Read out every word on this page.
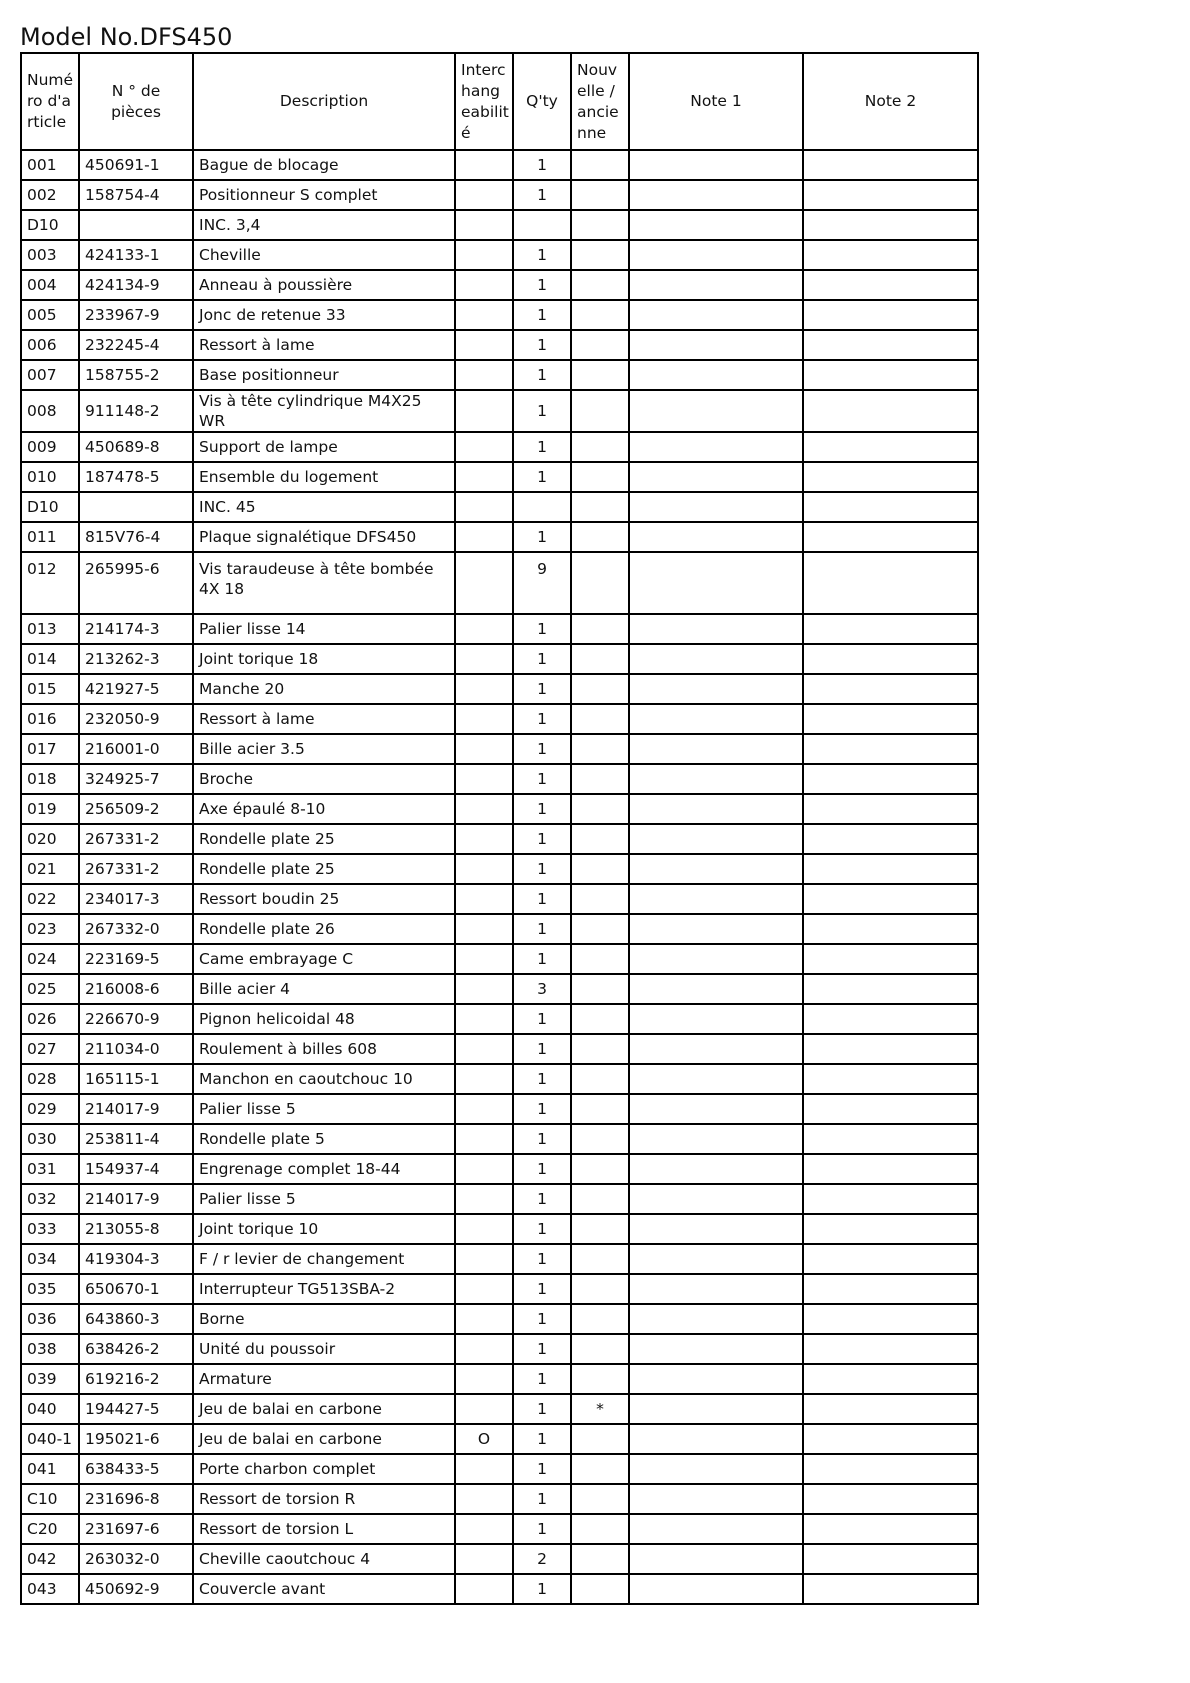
Model No.DFS450
Numé ro d'a rticle	N ° de pièces	Description	Interc hang eabilit é	Q'ty	Nouv elle / ancie nne	Note 1	Note 2
001	450691-1	Bague de blocage		1			
002	158754-4	Positionneur S complet		1			
D10		INC. 3,4					
003	424133-1	Cheville		1			
004	424134-9	Anneau à poussière		1			
005	233967-9	Jonc de retenue 33		1			
006	232245-4	Ressort à lame		1			
007	158755-2	Base positionneur		1			
008	911148-2	Vis à tête cylindrique M4X25 WR		1			
009	450689-8	Support de lampe		1			
010	187478-5	Ensemble du logement		1			
D10		INC. 45					
011	815V76-4	Plaque signalétique DFS450		1			
012	265995-6	Vis taraudeuse à tête bombée 4X 18		9			
013	214174-3	Palier lisse 14		1			
014	213262-3	Joint torique 18		1			
015	421927-5	Manche 20		1			
016	232050-9	Ressort à lame		1			
017	216001-0	Bille acier 3.5		1			
018	324925-7	Broche		1			
019	256509-2	Axe épaulé 8-10		1			
020	267331-2	Rondelle plate 25		1			
021	267331-2	Rondelle plate 25		1			
022	234017-3	Ressort boudin 25		1			
023	267332-0	Rondelle plate 26		1			
024	223169-5	Came embrayage C		1			
025	216008-6	Bille acier 4		3			
026	226670-9	Pignon helicoidal 48		1			
027	211034-0	Roulement à billes 608		1			
028	165115-1	Manchon en caoutchouc 10		1			
029	214017-9	Palier lisse 5		1			
030	253811-4	Rondelle plate 5		1			
031	154937-4	Engrenage complet 18-44		1			
032	214017-9	Palier lisse 5		1			
033	213055-8	Joint torique 10		1			
034	419304-3	F / r levier de changement		1			
035	650670-1	Interrupteur TG513SBA-2		1			
036	643860-3	Borne		1			
038	638426-2	Unité du poussoir		1			
039	619216-2	Armature		1			
040	194427-5	Jeu de balai en carbone		1	*		
040-1	195021-6	Jeu de balai en carbone	O	1			
041	638433-5	Porte charbon complet		1			
C10	231696-8	Ressort de torsion R		1			
C20	231697-6	Ressort de torsion L		1			
042	263032-0	Cheville caoutchouc 4		2			
043	450692-9	Couvercle avant		1			
